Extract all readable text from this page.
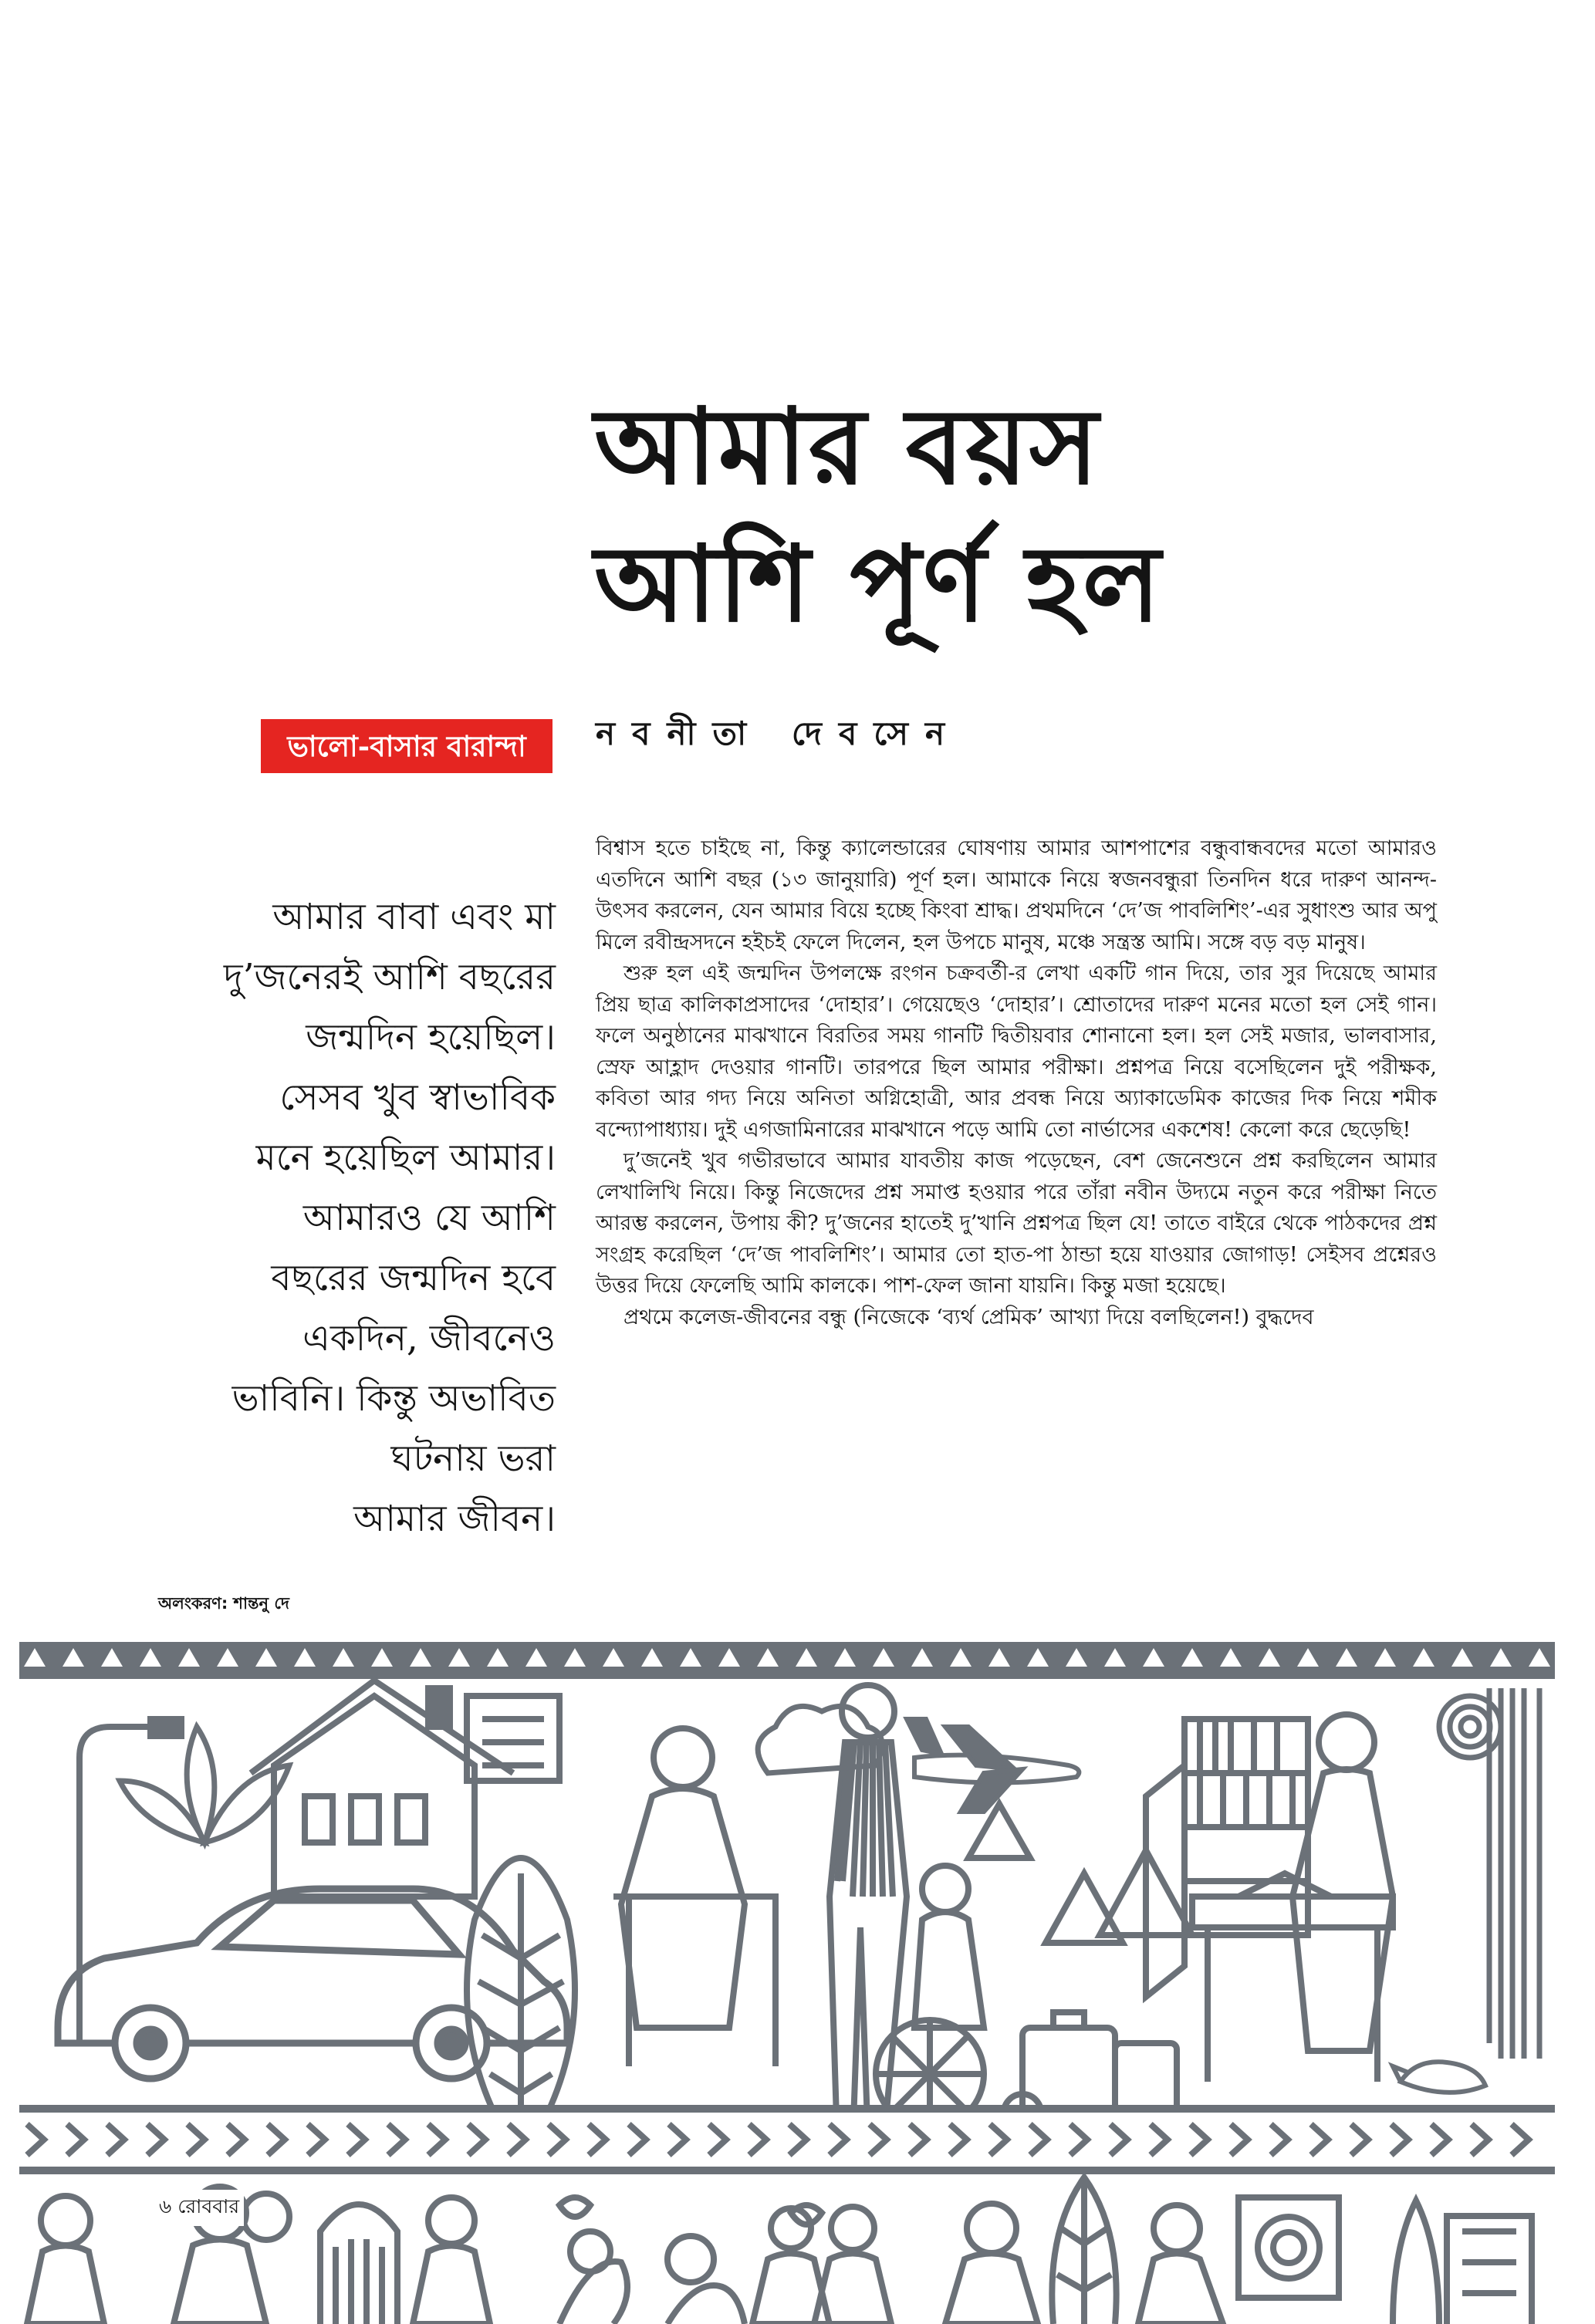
আমার বয়স
আশি পূর্ণ হল
নবনীতা দেবসেন
ভালো-বাসার বারান্দা
আমার বাবা এবং মা
দু’জনেরই আশি বছরের
জন্মদিন হয়েছিল।
সেসব খুব স্বাভাবিক
মনে হয়েছিল আমার।
আমারও যে আশি
বছরের জন্মদিন হবে
একদিন, জীবনেও
ভাবিনি। কিন্তু অভাবিত
ঘটনায় ভরা
আমার জীবন।

বিশ্বাস হতে চাইছে না, কিন্তু ক্যালেন্ডারের ঘোষণায় আমার আশপাশের বন্ধুবান্ধবদের মতো আমারও এতদিনে আশি বছর (১৩ জানুয়ারি) পূর্ণ হল। আমাকে নিয়ে স্বজনবন্ধুরা তিনদিন ধরে দারুণ আনন্দ-উৎসব করলেন, যেন আমার বিয়ে হচ্ছে কিংবা শ্রাদ্ধ। প্রথমদিনে ‘দে’জ পাবলিশিং’-এর সুধাংশু আর অপু মিলে রবীন্দ্রসদনে হইচই ফেলে দিলেন, হল উপচে মানুষ, মঞ্চে সন্ত্রস্ত আমি। সঙ্গে বড় বড় মানুষ।

শুরু হল এই জন্মদিন উপলক্ষে রংগন চক্রবর্তী-র লেখা একটি গান দিয়ে, তার সুর দিয়েছে আমার প্রিয় ছাত্র কালিকাপ্রসাদের ‘দোহার’। গেয়েছেও ‘দোহার’। শ্রোতাদের দারুণ মনের মতো হল সেই গান। ফলে অনুষ্ঠানের মাঝখানে বিরতির সময় গানটি দ্বিতীয়বার শোনানো হল। হল সেই মজার, ভালবাসার, স্রেফ আহ্লাদ দেওয়ার গানটি। তারপরে ছিল আমার পরীক্ষা। প্রশ্নপত্র নিয়ে বসেছিলেন দুই পরীক্ষক, কবিতা আর গদ্য নিয়ে অনিতা অগ্নিহোত্রী, আর প্রবন্ধ নিয়ে অ্যাকাডেমিক কাজের দিক নিয়ে শমীক বন্দ্যোপাধ্যায়। দুই এগজামিনারের মাঝখানে পড়ে আমি তো নার্ভাসের একশেষ! কেলো করে ছেড়েছি!

দু’জনেই খুব গভীরভাবে আমার যাবতীয় কাজ পড়েছেন, বেশ জেনেশুনে প্রশ্ন করছিলেন আমার লেখালিখি নিয়ে। কিন্তু নিজেদের প্রশ্ন সমাপ্ত হওয়ার পরে তাঁরা নবীন উদ্যমে নতুন করে পরীক্ষা নিতে আরম্ভ করলেন, উপায় কী? দু’জনের হাতেই দু’খানি প্রশ্নপত্র ছিল যে! তাতে বাইরে থেকে পাঠকদের প্রশ্ন সংগ্রহ করেছিল ‘দে’জ পাবলিশিং’। আমার তো হাত-পা ঠান্ডা হয়ে যাওয়ার জোগাড়! সেইসব প্রশ্নেরও উত্তর দিয়ে ফেলেছি আমি কালকে। পাশ-ফেল জানা যায়নি। কিন্তু মজা হয়েছে।

প্রথমে কলেজ-জীবনের বন্ধু (নিজেকে ‘ব্যর্থ প্রেমিক’ আখ্যা দিয়ে বলছিলেন!) বুদ্ধদেব

অলংকরণ: শান্তনু দে
৬ রোববার
